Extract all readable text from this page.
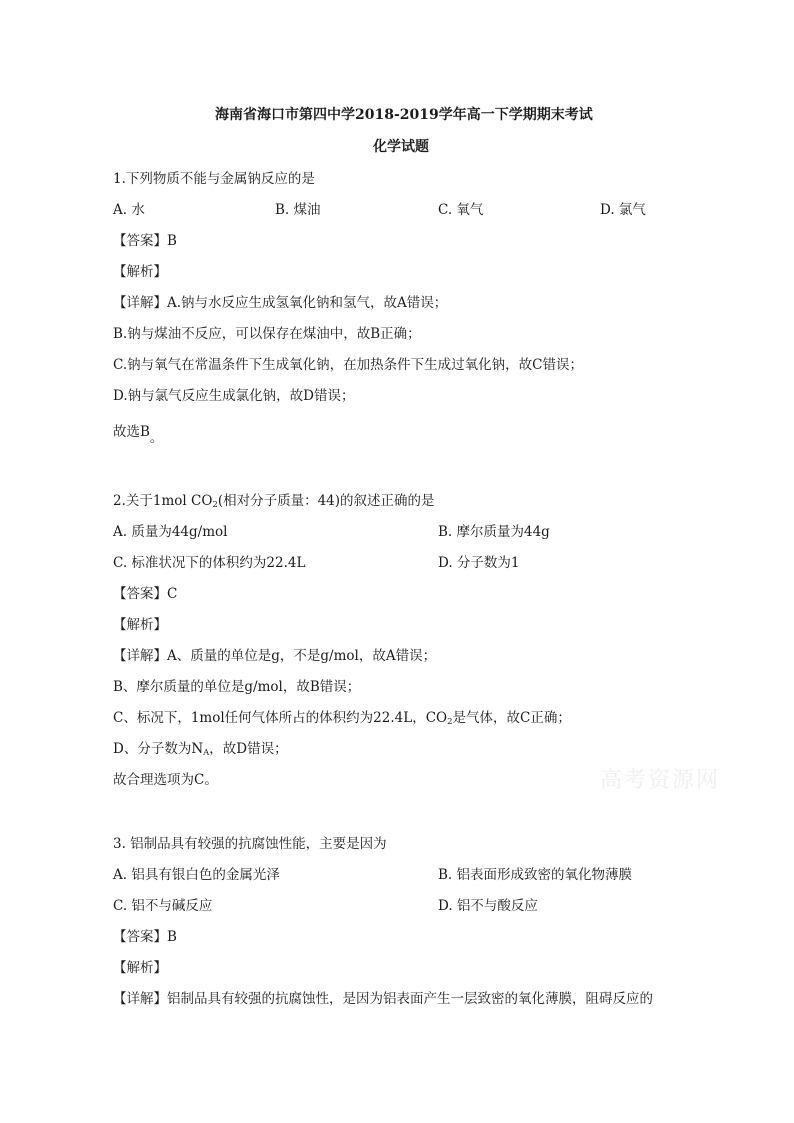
海南省海口市第四中学2018-2019学年高一下学期期末考试
化学试题
1.下列物质不能与金属钠反应的是
A. 水	B. 煤油	C. 氧气	D. 氯气
【答案】B
【解析】
【详解】A.钠与水反应生成氢氧化钠和氢气，故A错误；
B.钠与煤油不反应，可以保存在煤油中，故B正确；
C.钠与氧气在常温条件下生成氧化钠，在加热条件下生成过氧化钠，故C错误；
D.钠与氯气反应生成氯化钠，故D错误；
故选B。
2.关于1mol $CO_2$(相对分子质量：44)的叙述正确的是
A. 质量为44g/mol	B. 摩尔质量为44g
C. 标准状况下的体积约为22.4L	D. 分子数为1
【答案】C
【解析】
【详解】A、质量的单位是g，不是g/mol，故A错误；
B、摩尔质量的单位是g/mol，故B错误；
C、标况下，1mol任何气体所占的体积约为22.4L，$CO_2$是气体，故C正确；
D、分子数为$N_A$，故D错误；
故合理选项为C。	高考资源网
3. 铝制品具有较强的抗腐蚀性能，主要是因为
A. 铝具有银白色的金属光泽	B. 铝表面形成致密的氧化物薄膜
C. 铝不与碱反应	D. 铝不与酸反应
【答案】B
【解析】
【详解】铝制品具有较强的抗腐蚀性，是因为铝表面产生一层致密的氧化薄膜，阻碍反应的
